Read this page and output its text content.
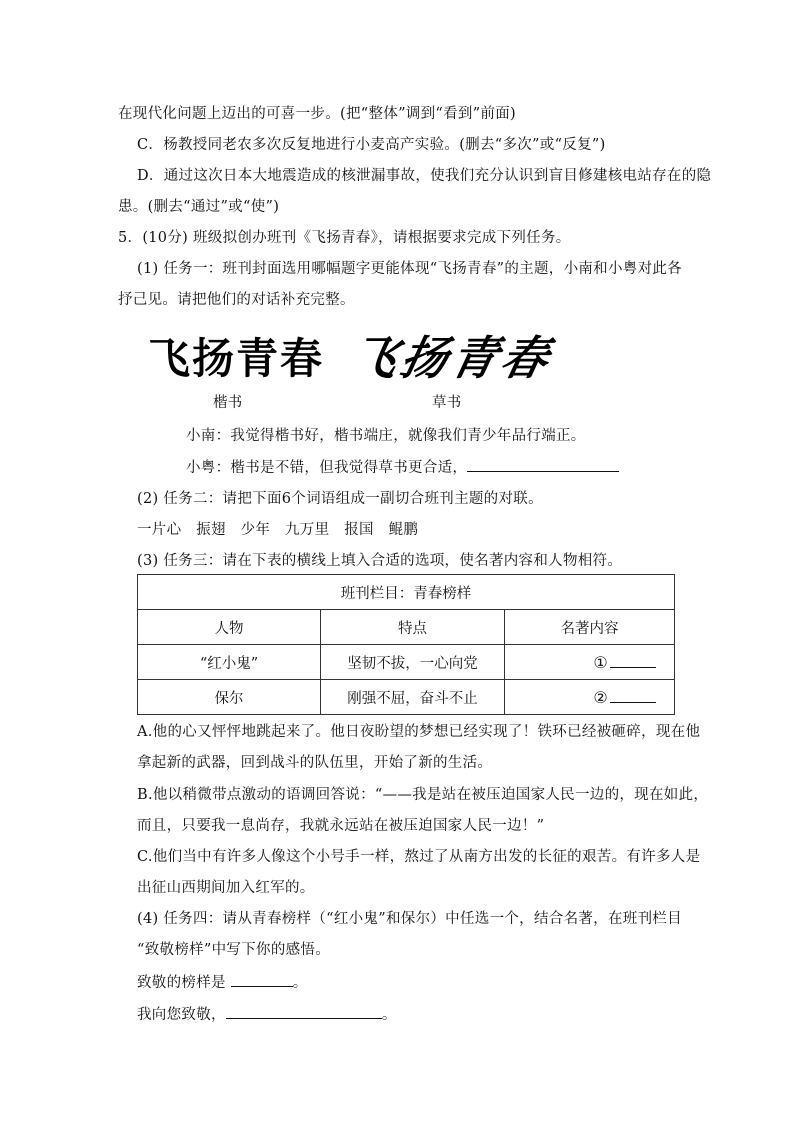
在现代化问题上迈出的可喜一步。(把“整体”调到“看到”前面)
C．杨教授同老农多次反复地进行小麦高产实验。(删去“多次”或“反复”)
D．通过这次日本大地震造成的核泄漏事故，使我们充分认识到盲目修建核电站存在的隐
患。(删去“通过”或“使”)
5．(10分) 班级拟创办班刊《飞扬青春》，请根据要求完成下列任务。
(1) 任务一：班刊封面选用哪幅题字更能体现“飞扬青春”的主题，小南和小粤对此各
抒己见。请把他们的对话补充完整。
飞扬青春 飞扬青春
楷书	草书
小南：我觉得楷书好，楷书端庄，就像我们青少年品行端正。
小粤：楷书是不错，但我觉得草书更合适，
(2) 任务二：请把下面6个词语组成一副切合班刊主题的对联。
一片心　振翅　少年　九万里　报国　鲲鹏
(3) 任务三：请在下表的横线上填入合适的选项，使名著内容和人物相符。
班刊栏目：青春榜样		
人物	特点	名著内容
“红小鬼”	坚韧不拔，一心向党	①
保尔	刚强不屈，奋斗不止	②
A.他的心又怦怦地跳起来了。他日夜盼望的梦想已经实现了！铁环已经被砸碎，现在他
拿起新的武器，回到战斗的队伍里，开始了新的生活。
B.他以稍微带点激动的语调回答说：“——我是站在被压迫国家人民一边的，现在如此，
而且，只要我一息尚存，我就永远站在被压迫国家人民一边！”
C.他们当中有许多人像这个小号手一样，熬过了从南方出发的长征的艰苦。有许多人是
出征山西期间加入红军的。
(4) 任务四：请从青春榜样（“红小鬼”和保尔）中任选一个，结合名著，在班刊栏目
“致敬榜样”中写下你的感悟。
致敬的榜样是	。
我向您致敬，	。
